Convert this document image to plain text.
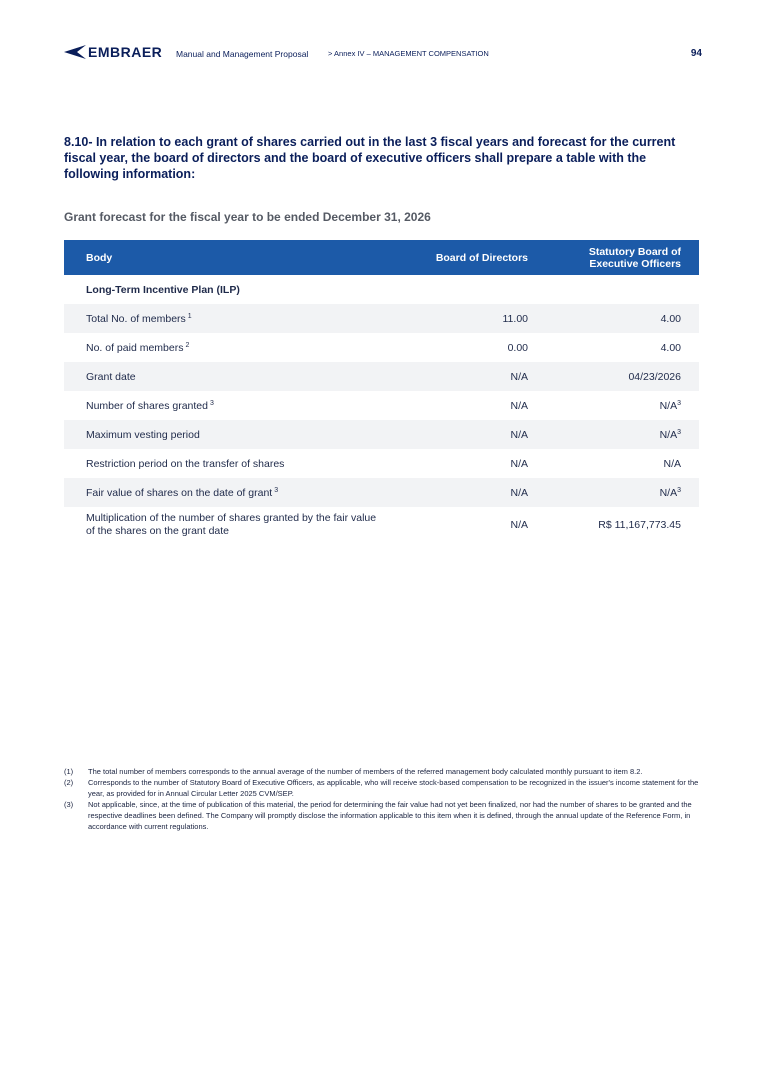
EMBRAER Manual and Management Proposal	> Annex IV – MANAGEMENT COMPENSATION	94
8.10- In relation to each grant of shares carried out in the last 3 fiscal years and forecast for the current fiscal year, the board of directors and the board of executive officers shall prepare a table with the following information:
Grant forecast for the fiscal year to be ended December 31, 2026
Body	Board of Directors	Statutory Board of Executive Officers
Long-Term Incentive Plan (ILP)		
Total No. of members $^1$	11.00	4.00
No. of paid members $^2$	0.00	4.00
Grant date	N/A	04/23/2026
Number of shares granted $^3$	N/A	$N/A^3$
Maximum vesting period	N/A	$N/A^3$
Restriction period on the transfer of shares	N/A	N/A
Fair value of shares on the date of grant $^3$	N/A	$N/A^3$
Multiplication of the number of shares granted by the fair value of the shares on the grant date	N/A	R$ 11,167,773.45
(1)	The total number of members corresponds to the annual average of the number of members of the referred management body calculated monthly pursuant to item 8.2.
(2)	Corresponds to the number of Statutory Board of Executive Officers, as applicable, who will receive stock-based compensation to be recognized in the issuer's income statement for the year, as provided for in Annual Circular Letter 2025 CVM/SEP.
(3)	Not applicable, since, at the time of publication of this material, the period for determining the fair value had not yet been finalized, nor had the number of shares to be granted and the respective deadlines been defined. The Company will promptly disclose the information applicable to this item when it is defined, through the annual update of the Reference Form, in accordance with current regulations.
